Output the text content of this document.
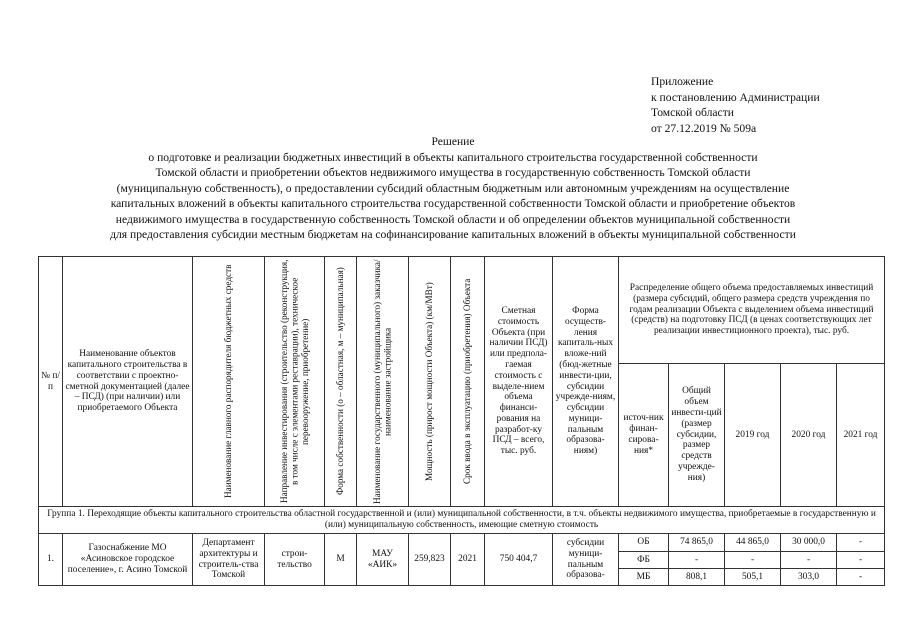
Приложение
к постановлению Администрации
Томской области
от 27.12.2019 № 509а
Решение
о подготовке и реализации бюджетных инвестиций в объекты капитального строительства государственной собственности
Томской области и приобретении объектов недвижимого имущества в государственную собственность Томской области
(муниципальную собственность), о предоставлении субсидий областным бюджетным или автономным учреждениям на осуществление
капитальных вложений в объекты капитального строительства государственной собственности Томской области и приобретение объектов
недвижимого имущества в государственную собственность Томской области и об определении объектов муниципальной собственности
для предоставления субсидии местным бюджетам на софинансирование капитальных вложений в объекты муниципальной собственности
№ п/п	Наименование объектов капитального строительства в соответствии с проектно-сметной документацией (далее – ПСД) (при наличии) или приобретаемого Объекта	Наименование главного распорядителя бюджетных средств	Направление инвестирования (строительство (реконструкция, в том числе с элементами реставрации), техническое перевооружение, приобретение)	Форма собственности (о – областная, м – муниципальная)	Наименование государственного (муниципального) заказчика/наименование застройщика	Мощность (прирост мощности Объекта) (км/МВт)	Срок ввода в эксплуатацию (приобретения) Объекта	Сметная стоимость Объекта (при наличии ПСД) или предпола-гаемая стоимость с выделе-нием объема финанси-рования на разработ-ку ПСД – всего, тыс. руб.	Форма осуществ-ления капиталь-ных вложе-ний (бюд-жетные инвести-ции, субсидии учрежде-ниям, субсидии муници-пальным образова-ниям)	Распределение общего объема предоставляемых инвестиций (размера субсидий, общего размера средств учреждения по годам реализации Объекта с выделением объема инвестиций (средств) на подготовку ПСД (в ценах соответствующих лет реализации инвестиционного проекта), тыс. руб.				
										источ-ник финан-сирова-ния*	Общий объем инвести-ций (размер субсидии, размер средств учрежде-ния)	2019 год	2020 год	2021 год
Группа 1. Переходящие объекты капитального строительства областной государственной и (или) муниципальной собственности, в т.ч. объекты недвижимого имущества, приобретаемые в государственную и (или) муниципальную собственность, имеющие сметную стоимость														
1.	Газоснабжение МО «Асиновское городское поселение», г. Асино Томской	Департамент архитектуры и строитель-ства Томской	строи-тельство	М	МАУ «АИК»	259,823	2021	750 404,7	субсидии муници-пальным образова-	ОБ	74 865,0	44 865,0	30 000,0	-
										ФБ	-	-	-	-
										МБ	808,1	505,1	303,0	-
